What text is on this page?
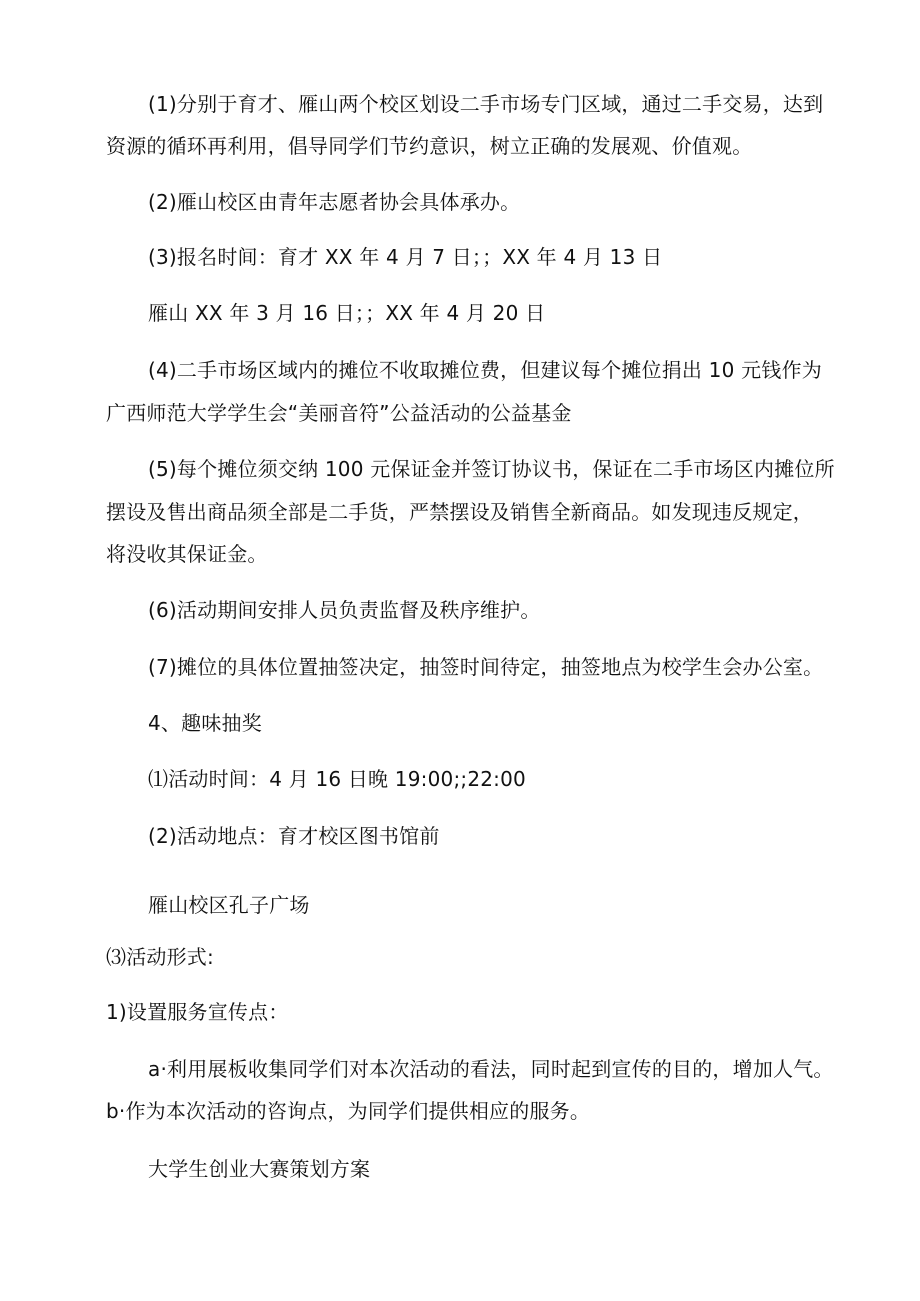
(1)分别于育才、雁山两个校区划设二手市场专门区域，通过二手交易，达到
资源的循环再利用，倡导同学们节约意识，树立正确的发展观、价值观。
(2)雁山校区由青年志愿者协会具体承办。
(3)报名时间：育才 XX 年 4 月 7 日；；XX 年 4 月 13 日
雁山 XX 年 3 月 16 日；；XX 年 4 月 20 日
(4)二手市场区域内的摊位不收取摊位费，但建议每个摊位捐出 10 元钱作为
广西师范大学学生会“美丽音符”公益活动的公益基金
(5)每个摊位须交纳 100 元保证金并签订协议书，保证在二手市场区内摊位所
摆设及售出商品须全部是二手货，严禁摆设及销售全新商品。如发现违反规定，
将没收其保证金。
(6)活动期间安排人员负责监督及秩序维护。
(7)摊位的具体位置抽签决定，抽签时间待定，抽签地点为校学生会办公室。
4、趣味抽奖
⑴活动时间：4 月 16 日晚 19:00;;22:00
(2)活动地点：育才校区图书馆前
雁山校区孔子广场
⑶活动形式:
1)设置服务宣传点：
a·利用展板收集同学们对本次活动的看法，同时起到宣传的目的，增加人气。
b·作为本次活动的咨询点，为同学们提供相应的服务。
大学生创业大赛策划方案
